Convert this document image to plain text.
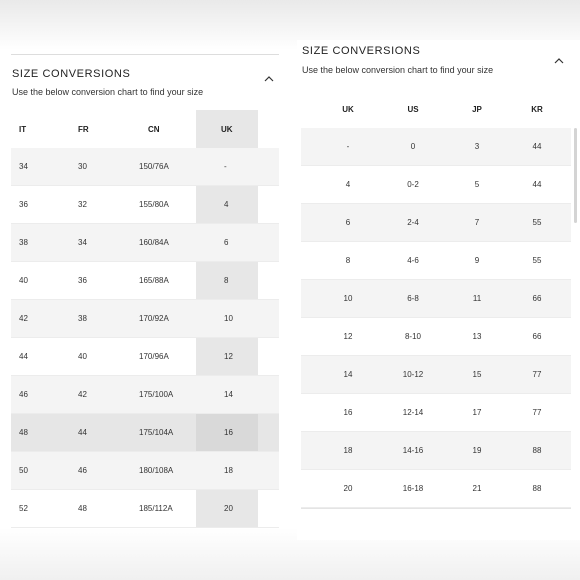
SIZE CONVERSIONS
Use the below conversion chart to find your size
IT	FR	CN	UK
34	30	150/76A	-
36	32	155/80A	4
38	34	160/84A	6
40	36	165/88A	8
42	38	170/92A	10
44	40	170/96A	12
46	42	175/100A	14
48	44	175/104A	16
50	46	180/108A	18
52	48	185/112A	20
SIZE CONVERSIONS
Use the below conversion chart to find your size
UK	US	JP	KR
-	0	3	44
4	0-2	5	44
6	2-4	7	55
8	4-6	9	55
10	6-8	11	66
12	8-10	13	66
14	10-12	15	77
16	12-14	17	77
18	14-16	19	88
20	16-18	21	88
